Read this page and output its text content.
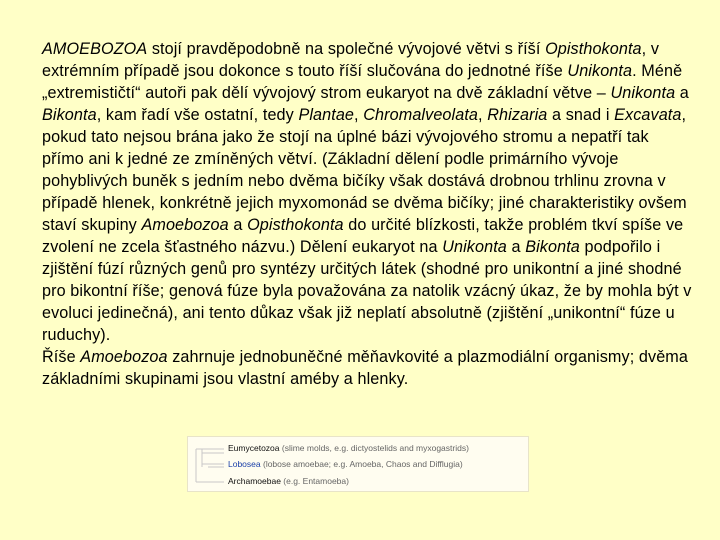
AMOEBOZOA stojí pravděpodobně na společné vývojové větvi s říší Opisthokonta, v extrémním případě jsou dokonce s touto říší slučována do jednotné říše Unikonta. Méně „extremističtí“ autoři pak dělí vývojový strom eukaryot na dvě základní větve – Unikonta a Bikonta, kam řadí vše ostatní, tedy Plantae, Chromalveolata, Rhizaria a snad i Excavata, pokud tato nejsou brána jako že stojí na úplné bázi vývojového stromu a nepatří tak přímo ani k jedné ze zmíněných větví. (Základní dělení podle primárního vývoje pohyblivých buněk s jedním nebo dvěma bičíky však dostává drobnou trhlinu zrovna v případě hlenek, konkrétně jejich myxomonád se dvěma bičíky; jiné charakteristiky ovšem staví skupiny Amoebozoa a Opisthokonta do určité blízkosti, takže problém tkví spíše ve zvolení ne zcela šťastného názvu.) Dělení eukaryot na Unikonta a Bikonta podpořilo i zjištění fúzí různých genů pro syntézy určitých látek (shodné pro unikontní a jiné shodné pro bikontní říše; genová fúze byla považována za natolik vzácný úkaz, že by mohla být v evoluci jedinečná), ani tento důkaz však již neplatí absolutně (zjištění „unikontní“ fúze u ruduchy).

Říše Amoebozoa zahrnuje jednobuněčné měňavkovité a plazmodiální organismy; dvěma základními skupinami jsou vlastní améby a hlenky.

Eumycetozoa (slime molds, e.g. dictyostelids and myxogastrids)
Lobosea (lobose amoebae; e.g. Amoeba, Chaos and Difflugia)
Archamoebae (e.g. Entamoeba)
